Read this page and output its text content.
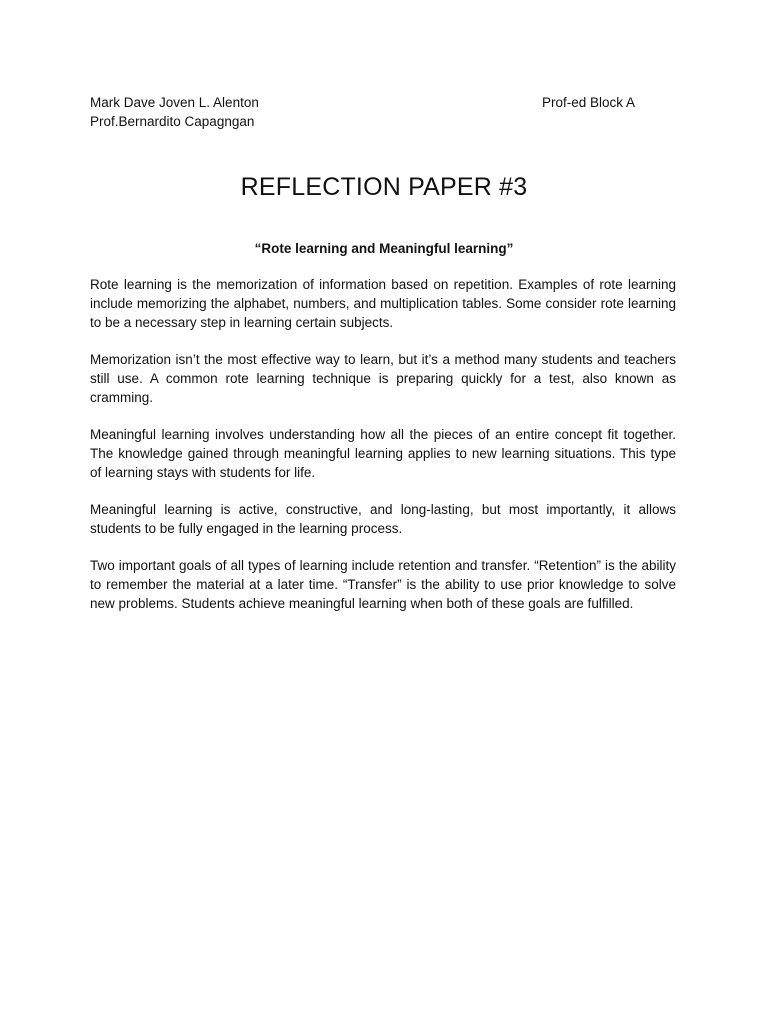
Mark Dave Joven L. Alenton	Prof-ed Block A
Prof.Bernardito Capagngan
REFLECTION PAPER #3
“Rote learning and Meaningful learning”

Rote learning is the memorization of information based on repetition. Examples of rote learning include memorizing the alphabet, numbers, and multiplication tables. Some consider rote learning to be a necessary step in learning certain subjects.

Memorization isn’t the most effective way to learn, but it’s a method many students and teachers still use. A common rote learning technique is preparing quickly for a test, also known as cramming.

Meaningful learning involves understanding how all the pieces of an entire concept fit together. The knowledge gained through meaningful learning applies to new learning situations. This type of learning stays with students for life.

Meaningful learning is active, constructive, and long-lasting, but most importantly, it allows students to be fully engaged in the learning process.

Two important goals of all types of learning include retention and transfer. “Retention” is the ability to remember the material at a later time. “Transfer” is the ability to use prior knowledge to solve new problems. Students achieve meaningful learning when both of these goals are fulfilled.
